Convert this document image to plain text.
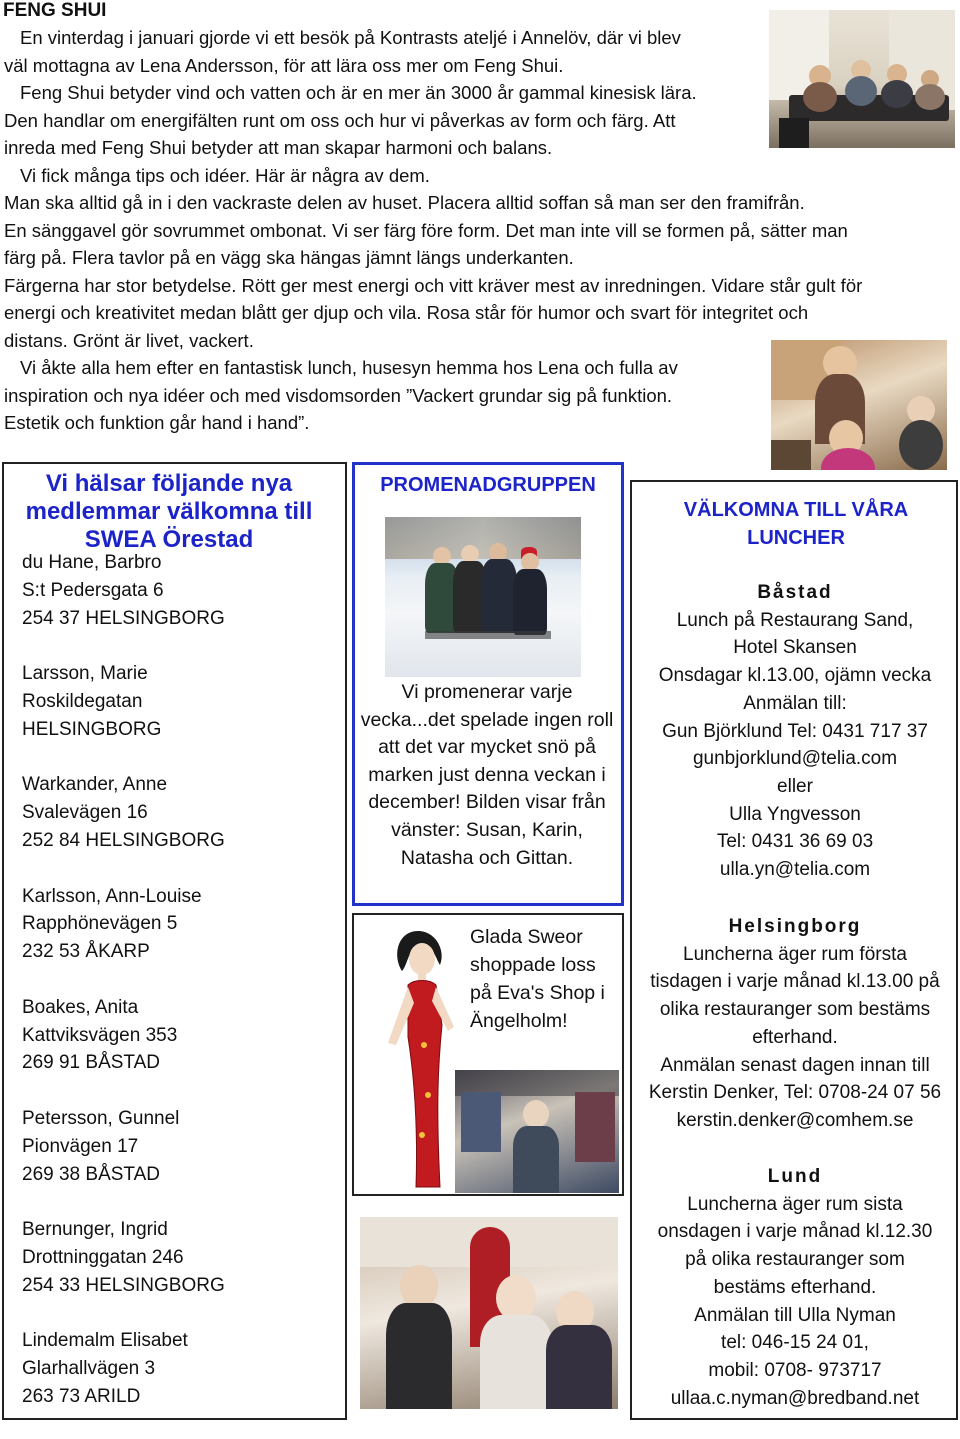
FENG SHUI
En vinterdag i januari gjorde vi ett besök på Kontrasts ateljé i Annelöv, där vi blev
väl mottagna av Lena Andersson, för att lära oss mer om Feng Shui.
Feng Shui betyder vind och vatten och är en mer än 3000 år gammal kinesisk lära.
Den handlar om energifälten runt om oss och hur vi påverkas av form och färg. Att
inreda med Feng Shui betyder att man skapar harmoni och balans.
Vi fick många tips och idéer. Här är några av dem.
Man ska alltid gå in i den vackraste delen av huset. Placera alltid soffan så man ser den framifrån.
En sänggavel gör sovrummet ombonat. Vi ser färg före form. Det man inte vill se formen på, sätter man
färg på. Flera tavlor på en vägg ska hängas jämnt längs underkanten.
Färgerna har stor betydelse. Rött ger mest energi och vitt kräver mest av inredningen. Vidare står gult för
energi och kreativitet medan blått ger djup och vila. Rosa står för humor och svart för integritet och
distans. Grönt är livet, vackert.
Vi åkte alla hem efter en fantastisk lunch, husesyn hemma hos Lena och fulla av
inspiration och nya idéer och med visdomsorden ”Vackert grundar sig på funktion.
Estetik och funktion går hand i hand”.
Vi hälsar följande nya medlemmar välkomna till SWEA Örestad
du Hane, Barbro
S:t Pedersgata 6
254 37 HELSINGBORG
Larsson, Marie
Roskildegatan
HELSINGBORG
Warkander, Anne
Svalevägen 16
252 84 HELSINGBORG
Karlsson, Ann-Louise
Rapphönevägen 5
232 53 ÅKARP
Boakes, Anita
Kattviksvägen 353
269 91 BÅSTAD
Petersson, Gunnel
Pionvägen 17
269 38 BÅSTAD
Bernunger, Ingrid
Drottninggatan 246
254 33 HELSINGBORG
Lindemalm Elisabet
Glarhallvägen 3
263 73 ARILD
PROMENADGRUPPEN
Vi promenerar varje vecka...det spelade ingen roll att det var mycket snö på marken just denna veckan i december! Bilden visar från vänster: Susan, Karin, Natasha och Gittan.
Glada Sweor shoppade loss på Eva's Shop i Ängelholm!
VÄLKOMNA TILL VÅRA LUNCHER
Båstad
Lunch på Restaurang Sand,
Hotel Skansen
Onsdagar kl.13.00, ojämn vecka
Anmälan till:
Gun Björklund Tel: 0431 717 37
gunbjorklund@telia.com
eller
Ulla Yngvesson
Tel: 0431 36 69 03
ulla.yn@telia.com
Helsingborg
Luncherna äger rum första
tisdagen i varje månad kl.13.00 på
olika restauranger som bestäms
efterhand.
Anmälan senast dagen innan till
Kerstin Denker, Tel: 0708-24 07 56
kerstin.denker@comhem.se
Lund
Luncherna äger rum sista
onsdagen i varje månad kl.12.30
på olika restauranger som
bestäms efterhand.
Anmälan till Ulla Nyman
tel: 046-15 24 01,
mobil: 0708- 973717
ullaa.c.nyman@bredband.net
